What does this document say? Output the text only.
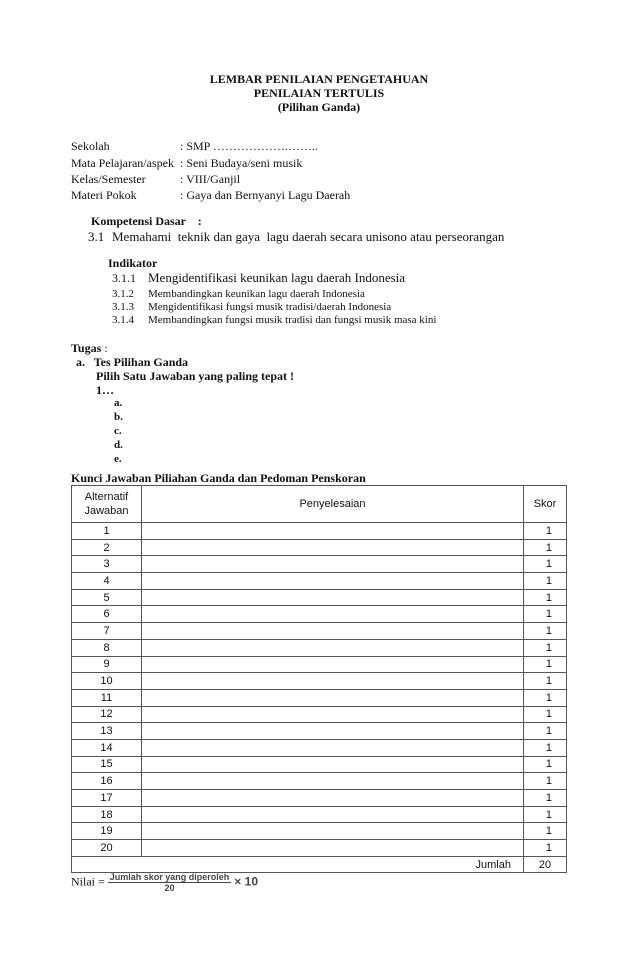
LEMBAR PENILAIAN PENGETAHUAN
PENILAIAN TERTULIS
(Pilihan Ganda)
Sekolah	: SMP ……………….……..
Mata Pelajaran/aspek : Seni Budaya/seni musik
Kelas/Semester	: VIII/Ganjil
Materi Pokok	: Gaya dan Bernyanyi Lagu Daerah
Kompetensi Dasar    :
3.1 Memahami  teknik dan gaya  lagu daerah secara unisono atau perseorangan
Indikator
3.1.1 Mengidentifikasi keunikan lagu daerah Indonesia
3.1.2 Membandingkan keunikan lagu daerah Indonesia
3.1.3 Mengidentifikasi fungsi musik tradisi/daerah Indonesia
3.1.4 Membandingkan fungsi musik tradisi dan fungsi musik masa kini
Tugas :
a.   Tes Pilihan Ganda
Pilih Satu Jawaban yang paling tepat !
1…
a.
b.
c.
d.
e.
Kunci Jawaban Piliahan Ganda dan Pedoman Penskoran
Alternatif
Jawaban	Penyelesaian	Skor
1		1
2		1
3		1
4		1
5		1
6		1
7		1
8		1
9		1
10		1
11		1
12		1
13		1
14		1
15		1
16		1
17		1
18		1
19		1
20		1
Jumlah		20
Nilai = $\frac{\text{Jumlah skor yang diperoleh}}{20} \times 10$
